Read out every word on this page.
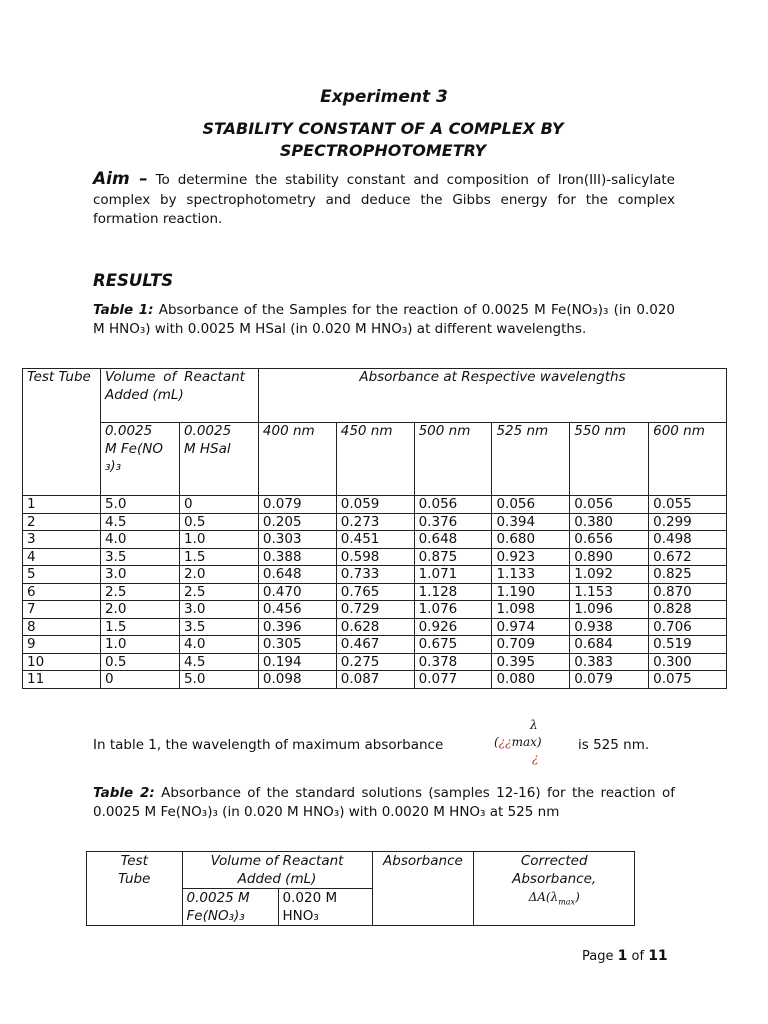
Experiment 3
STABILITY CONSTANT OF A COMPLEX BY
SPECTROPHOTOMETRY
Aim – To determine the stability constant and composition of Iron(III)-salicylate complex by spectrophotometry and deduce the Gibbs energy for the complex formation reaction.
RESULTS
Table 1: Absorbance of the Samples for the reaction of 0.0025 M Fe(NO₃)₃ (in 0.020 M HNO₃) with 0.0025 M HSal (in 0.020 M HNO₃) at different wavelengths.
Test Tube	Volume of Reactant Added (mL)		Absorbance at Respective wavelengths					

	0.0025 M Fe(NO₃)₃	0.0025 M HSal	400 nm	450 nm	500 nm	525 nm	550 nm	600 nm
1	5.0	0	0.079	0.059	0.056	0.056	0.056	0.055
2	4.5	0.5	0.205	0.273	0.376	0.394	0.380	0.299
3	4.0	1.0	0.303	0.451	0.648	0.680	0.656	0.498
4	3.5	1.5	0.388	0.598	0.875	0.923	0.890	0.672
5	3.0	2.0	0.648	0.733	1.071	1.133	1.092	0.825
6	2.5	2.5	0.470	0.765	1.128	1.190	1.153	0.870
7	2.0	3.0	0.456	0.729	1.076	1.098	1.096	0.828
8	1.5	3.5	0.396	0.628	0.926	0.974	0.938	0.706
9	1.0	4.0	0.305	0.467	0.675	0.709	0.684	0.519
10	0.5	4.5	0.194	0.275	0.378	0.395	0.383	0.300
11	0	5.0	0.098	0.087	0.077	0.080	0.079	0.075
In table 1, the wavelength of maximum absorbance
λ
(¿¿max)
¿
is 525 nm.
Table 2: Absorbance of the standard solutions (samples 12-16) for the reaction of 0.0025 M Fe(NO₃)₃ (in 0.020 M HNO₃) with 0.0020 M HNO₃ at 525 nm
Test Tube	Volume of Reactant Added (mL)		Absorbance	Corrected Absorbance,
$\Delta A(\lambda_{max})$

	0.0025 M Fe(NO₃)₃	0.020 M HNO₃		
Page 1 of 11
